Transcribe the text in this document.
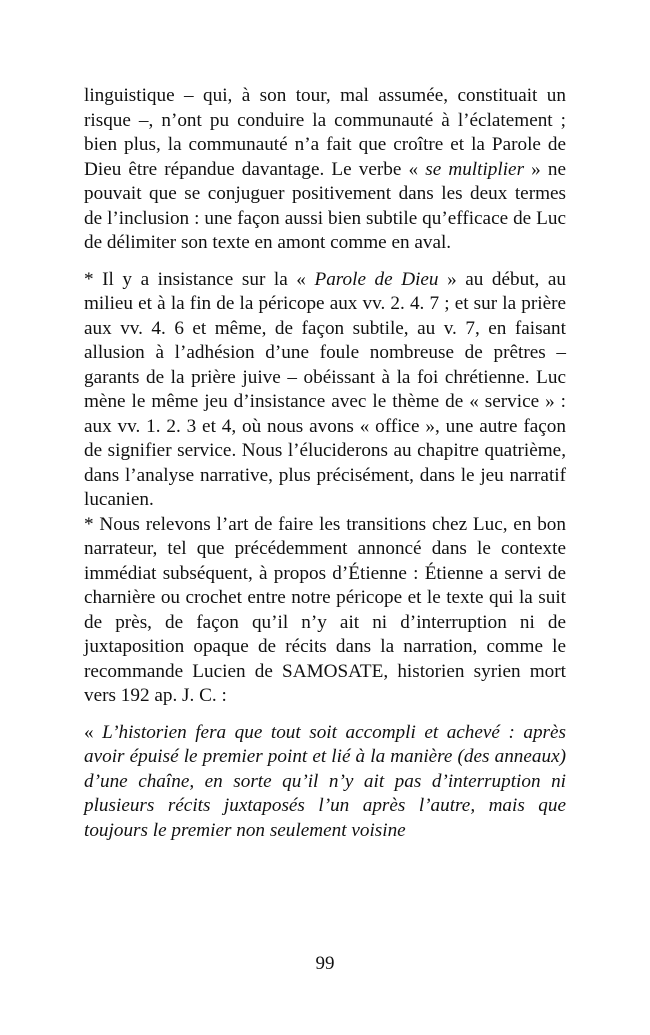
linguistique – qui, à son tour, mal assumée, constituait un risque –, n’ont pu conduire la communauté à l’éclatement ; bien plus, la communauté n’a fait que croître et la Parole de Dieu être répandue davantage. Le verbe « se multiplier » ne pouvait que se conjuguer positivement dans les deux termes de l’inclusion : une façon aussi bien subtile qu’efficace de Luc de délimiter son texte en amont comme en aval.

* Il y a insistance sur la « Parole de Dieu » au début, au milieu et à la fin de la péricope aux vv. 2. 4. 7 ; et sur la prière aux vv. 4. 6 et même, de façon subtile, au v. 7, en faisant allusion à l’adhésion d’une foule nombreuse de prêtres – garants de la prière juive – obéissant à la foi chrétienne. Luc mène le même jeu d’insistance avec le thème de « service » : aux vv. 1. 2. 3 et 4, où nous avons « office », une autre façon de signifier service. Nous l’éluciderons au chapitre quatrième, dans l’analyse narrative, plus précisément, dans le jeu narratif lucanien.

* Nous relevons l’art de faire les transitions chez Luc, en bon narrateur, tel que précédemment annoncé dans le contexte immédiat subséquent, à propos d’Étienne : Étienne a servi de charnière ou crochet entre notre péricope et le texte qui la suit de près, de façon qu’il n’y ait ni d’interruption ni de juxtaposition opaque de récits dans la narration, comme le recommande Lucien de SAMOSATE, historien syrien mort vers 192 ap. J. C. :

« L’historien fera que tout soit accompli et achevé : après avoir épuisé le premier point et lié à la manière (des anneaux) d’une chaîne, en sorte qu’il n’y ait pas d’interruption ni plusieurs récits juxtaposés l’un après l’autre, mais que toujours le premier non seulement voisine

99
